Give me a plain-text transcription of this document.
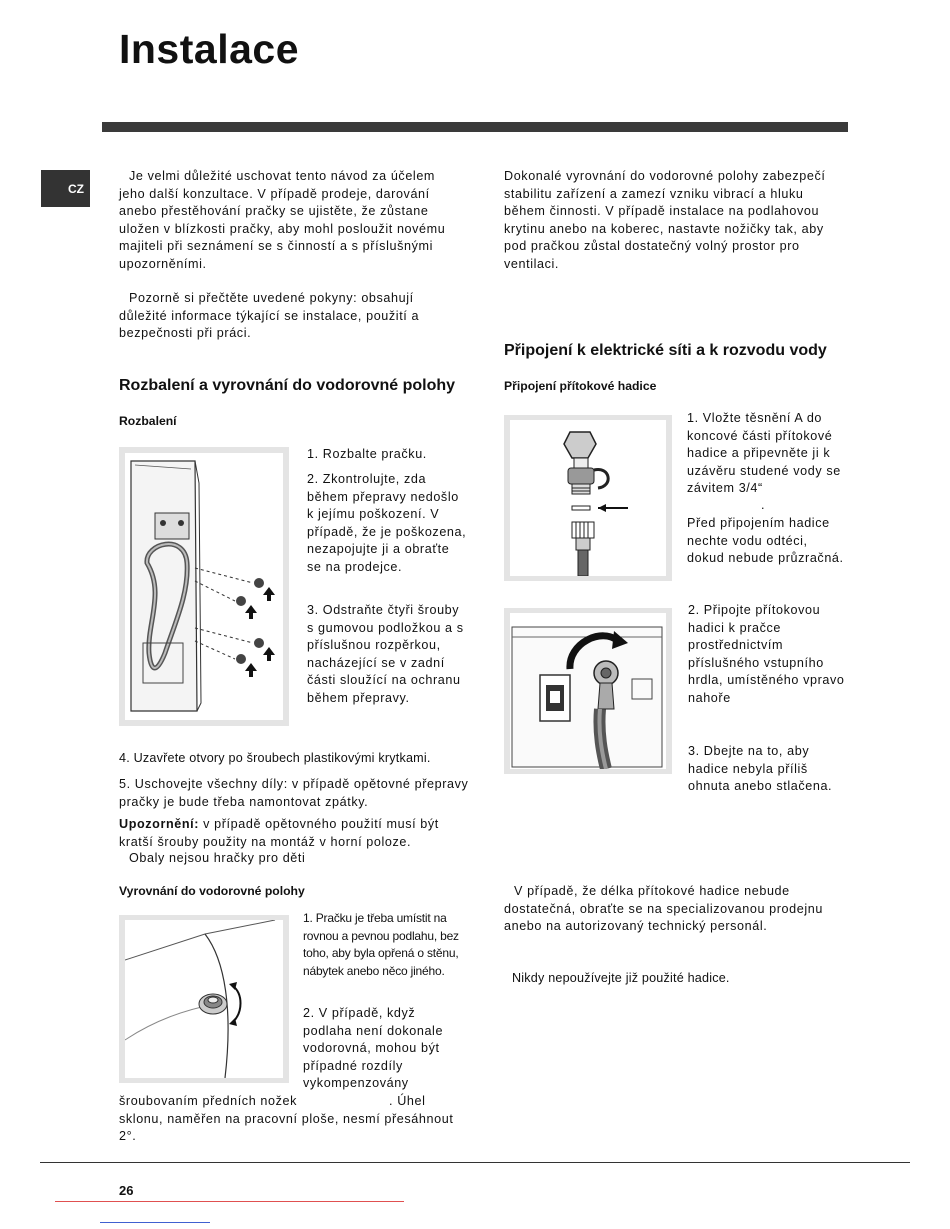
Instalace
CZ
Je velmi důležité uschovat tento návod za účelem jeho další konzultace. V případě prodeje, darování anebo přestěhování pračky se ujistěte, že zůstane uložen v blízkosti pračky, aby mohl posloužit novému majiteli při seznámení se s činností a s příslušnými upozorněními.
Pozorně si přečtěte uvedené pokyny: obsahují důležité informace týkající se instalace, použití a bezpečnosti při práci.
Rozbalení a vyrovnání do vodorovné polohy
Rozbalení
1. Rozbalte pračku.
2. Zkontrolujte, zda během přepravy nedošlo k jejímu poškození. V případě, že je poškozena, nezapojujte ji a obraťte se na prodejce.
3. Odstraňte čtyři šrouby s gumovou podložkou a s příslušnou rozpěrkou, nacházející se v zadní části sloužící na ochranu během přepravy.
4. Uzavřete otvory po šroubech plastikovými krytkami.
5. Uschovejte všechny díly: v případě opětovné přepravy pračky je bude třeba namontovat zpátky.
Upozornění: v případě opětovného použití musí být kratší šrouby použity na montáž v horní poloze.
Obaly nejsou hračky pro děti
Vyrovnání do vodorovné polohy
1. Pračku je třeba umístit na rovnou a pevnou podlahu, bez toho, aby byla opřená o stěnu, nábytek anebo něco jiného.
2. V případě, když podlaha není dokonale vodorovná, mohou být případné rozdíly vykompenzovány
šroubovaním předních nožek	. Úhel sklonu, naměřen na pracovní ploše, nesmí přesáhnout 2°.
Dokonalé vyrovnání do vodorovné polohy zabezpečí stabilitu zařízení a zamezí vzniku vibrací a hluku během činnosti. V případě instalace na podlahovou krytinu anebo na koberec, nastavte nožičky tak, aby pod pračkou zůstal dostatečný volný prostor pro ventilaci.
Připojení k elektrické síti a k rozvodu vody
Připojení přítokové hadice
1. Vložte těsnění A do koncové části přítokové hadice a připevněte ji k uzávěru studené vody se závitem 3/4“
.
Před připojením hadice nechte vodu odtéci, dokud nebude průzračná.
2. Připojte přítokovou hadici k pračce prostřednictvím příslušného vstupního hrdla, umístěného vpravo nahoře
3. Dbejte na to, aby hadice nebyla příliš ohnuta anebo stlačena.
V případě, že délka přítokové hadice nebude dostatečná, obraťte se na specializovanou prodejnu anebo na autorizovaný technický personál.
Nikdy nepoužívejte již použité hadice.
26
